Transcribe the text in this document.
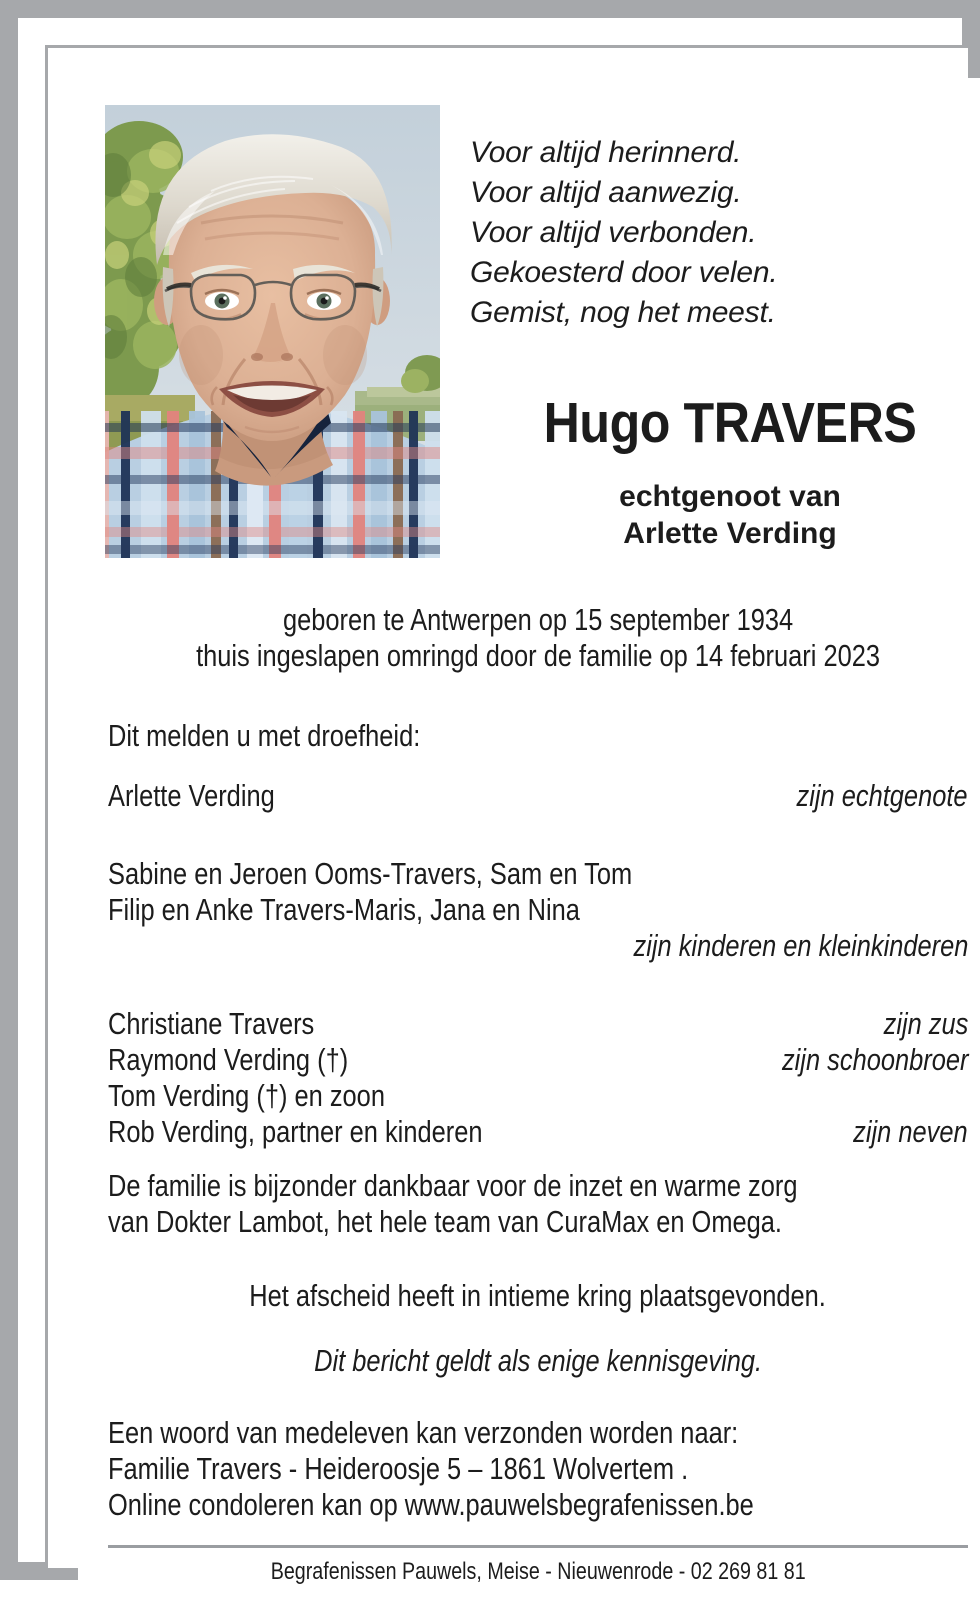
Voor altijd herinnerd.
Voor altijd aanwezig.
Voor altijd verbonden.
Gekoesterd door velen.
Gemist, nog het meest.
Hugo TRAVERS
echtgenoot van
Arlette Verding
geboren te Antwerpen op 15 september 1934
thuis ingeslapen omringd door de familie op 14 februari 2023
Dit melden u met droefheid:
Arlette Verding	zijn echtgenote
Sabine en Jeroen Ooms-Travers, Sam en Tom
Filip en Anke Travers-Maris, Jana en Nina
zijn kinderen en kleinkinderen
Christiane Travers	zijn zus
Raymond Verding (†)	zijn schoonbroer
Tom Verding (†) en zoon
Rob Verding, partner en kinderen	zijn neven
De familie is bijzonder dankbaar voor de inzet en warme zorg
van Dokter Lambot, het hele team van CuraMax en Omega.
Het afscheid heeft in intieme kring plaatsgevonden.
Dit bericht geldt als enige kennisgeving.
Een woord van medeleven kan verzonden worden naar:
Familie Travers - Heideroosje 5 – 1861 Wolvertem .
Online condoleren kan op www.pauwelsbegrafenissen.be
Begrafenissen Pauwels, Meise - Nieuwenrode - 02 269 81 81
